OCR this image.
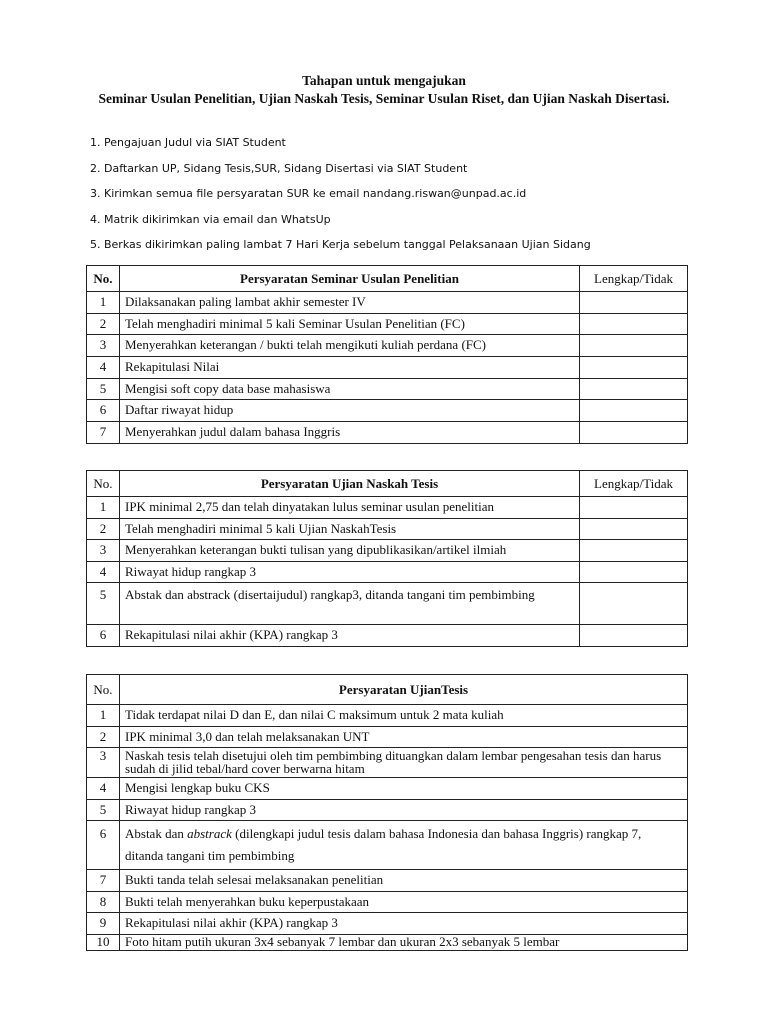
Tahapan untuk mengajukan
Seminar Usulan Penelitian, Ujian Naskah Tesis, Seminar Usulan Riset, dan Ujian Naskah Disertasi.
1. Pengajuan Judul via SIAT Student
2. Daftarkan UP, Sidang Tesis,SUR, Sidang Disertasi via SIAT Student
3. Kirimkan semua file persyaratan SUR ke email nandang.riswan@unpad.ac.id
4. Matrik dikirimkan via email dan WhatsUp
5. Berkas dikirimkan paling lambat 7 Hari Kerja sebelum tanggal Pelaksanaan Ujian Sidang
No.	Persyaratan Seminar Usulan Penelitian	Lengkap/Tidak
1	Dilaksanakan paling lambat akhir semester IV	
2	Telah menghadiri minimal 5 kali Seminar Usulan Penelitian (FC)	
3	Menyerahkan keterangan / bukti telah mengikuti kuliah perdana (FC)	
4	Rekapitulasi Nilai	
5	Mengisi soft copy data base mahasiswa	
6	Daftar riwayat hidup	
7	Menyerahkan judul dalam bahasa Inggris	
No.	Persyaratan Ujian Naskah Tesis	Lengkap/Tidak
1	IPK minimal 2,75 dan telah dinyatakan lulus seminar usulan penelitian	
2	Telah menghadiri minimal 5 kali Ujian NaskahTesis	
3	Menyerahkan keterangan bukti tulisan yang dipublikasikan/artikel ilmiah	
4	Riwayat hidup rangkap 3	
5	Abstak dan abstrack (disertaijudul) rangkap3, ditanda tangani tim pembimbing	
6	Rekapitulasi nilai akhir (KPA) rangkap 3	
No.	Persyaratan UjianTesis
1	Tidak terdapat nilai D dan E, dan nilai C maksimum untuk 2 mata kuliah
2	IPK minimal 3,0 dan telah melaksanakan UNT
3	Naskah tesis telah disetujui oleh tim pembimbing dituangkan dalam lembar pengesahan tesis dan harus sudah di jilid tebal/hard cover berwarna hitam
4	Mengisi lengkap buku CKS
5	Riwayat hidup rangkap 3
6	Abstak dan abstrack (dilengkapi judul tesis dalam bahasa Indonesia dan bahasa Inggris) rangkap 7, ditanda tangani tim pembimbing
7	Bukti tanda telah selesai melaksanakan penelitian
8	Bukti telah menyerahkan buku keperpustakaan
9	Rekapitulasi nilai akhir (KPA) rangkap 3
10	Foto hitam putih ukuran 3x4 sebanyak 7 lembar dan ukuran 2x3 sebanyak 5 lembar
